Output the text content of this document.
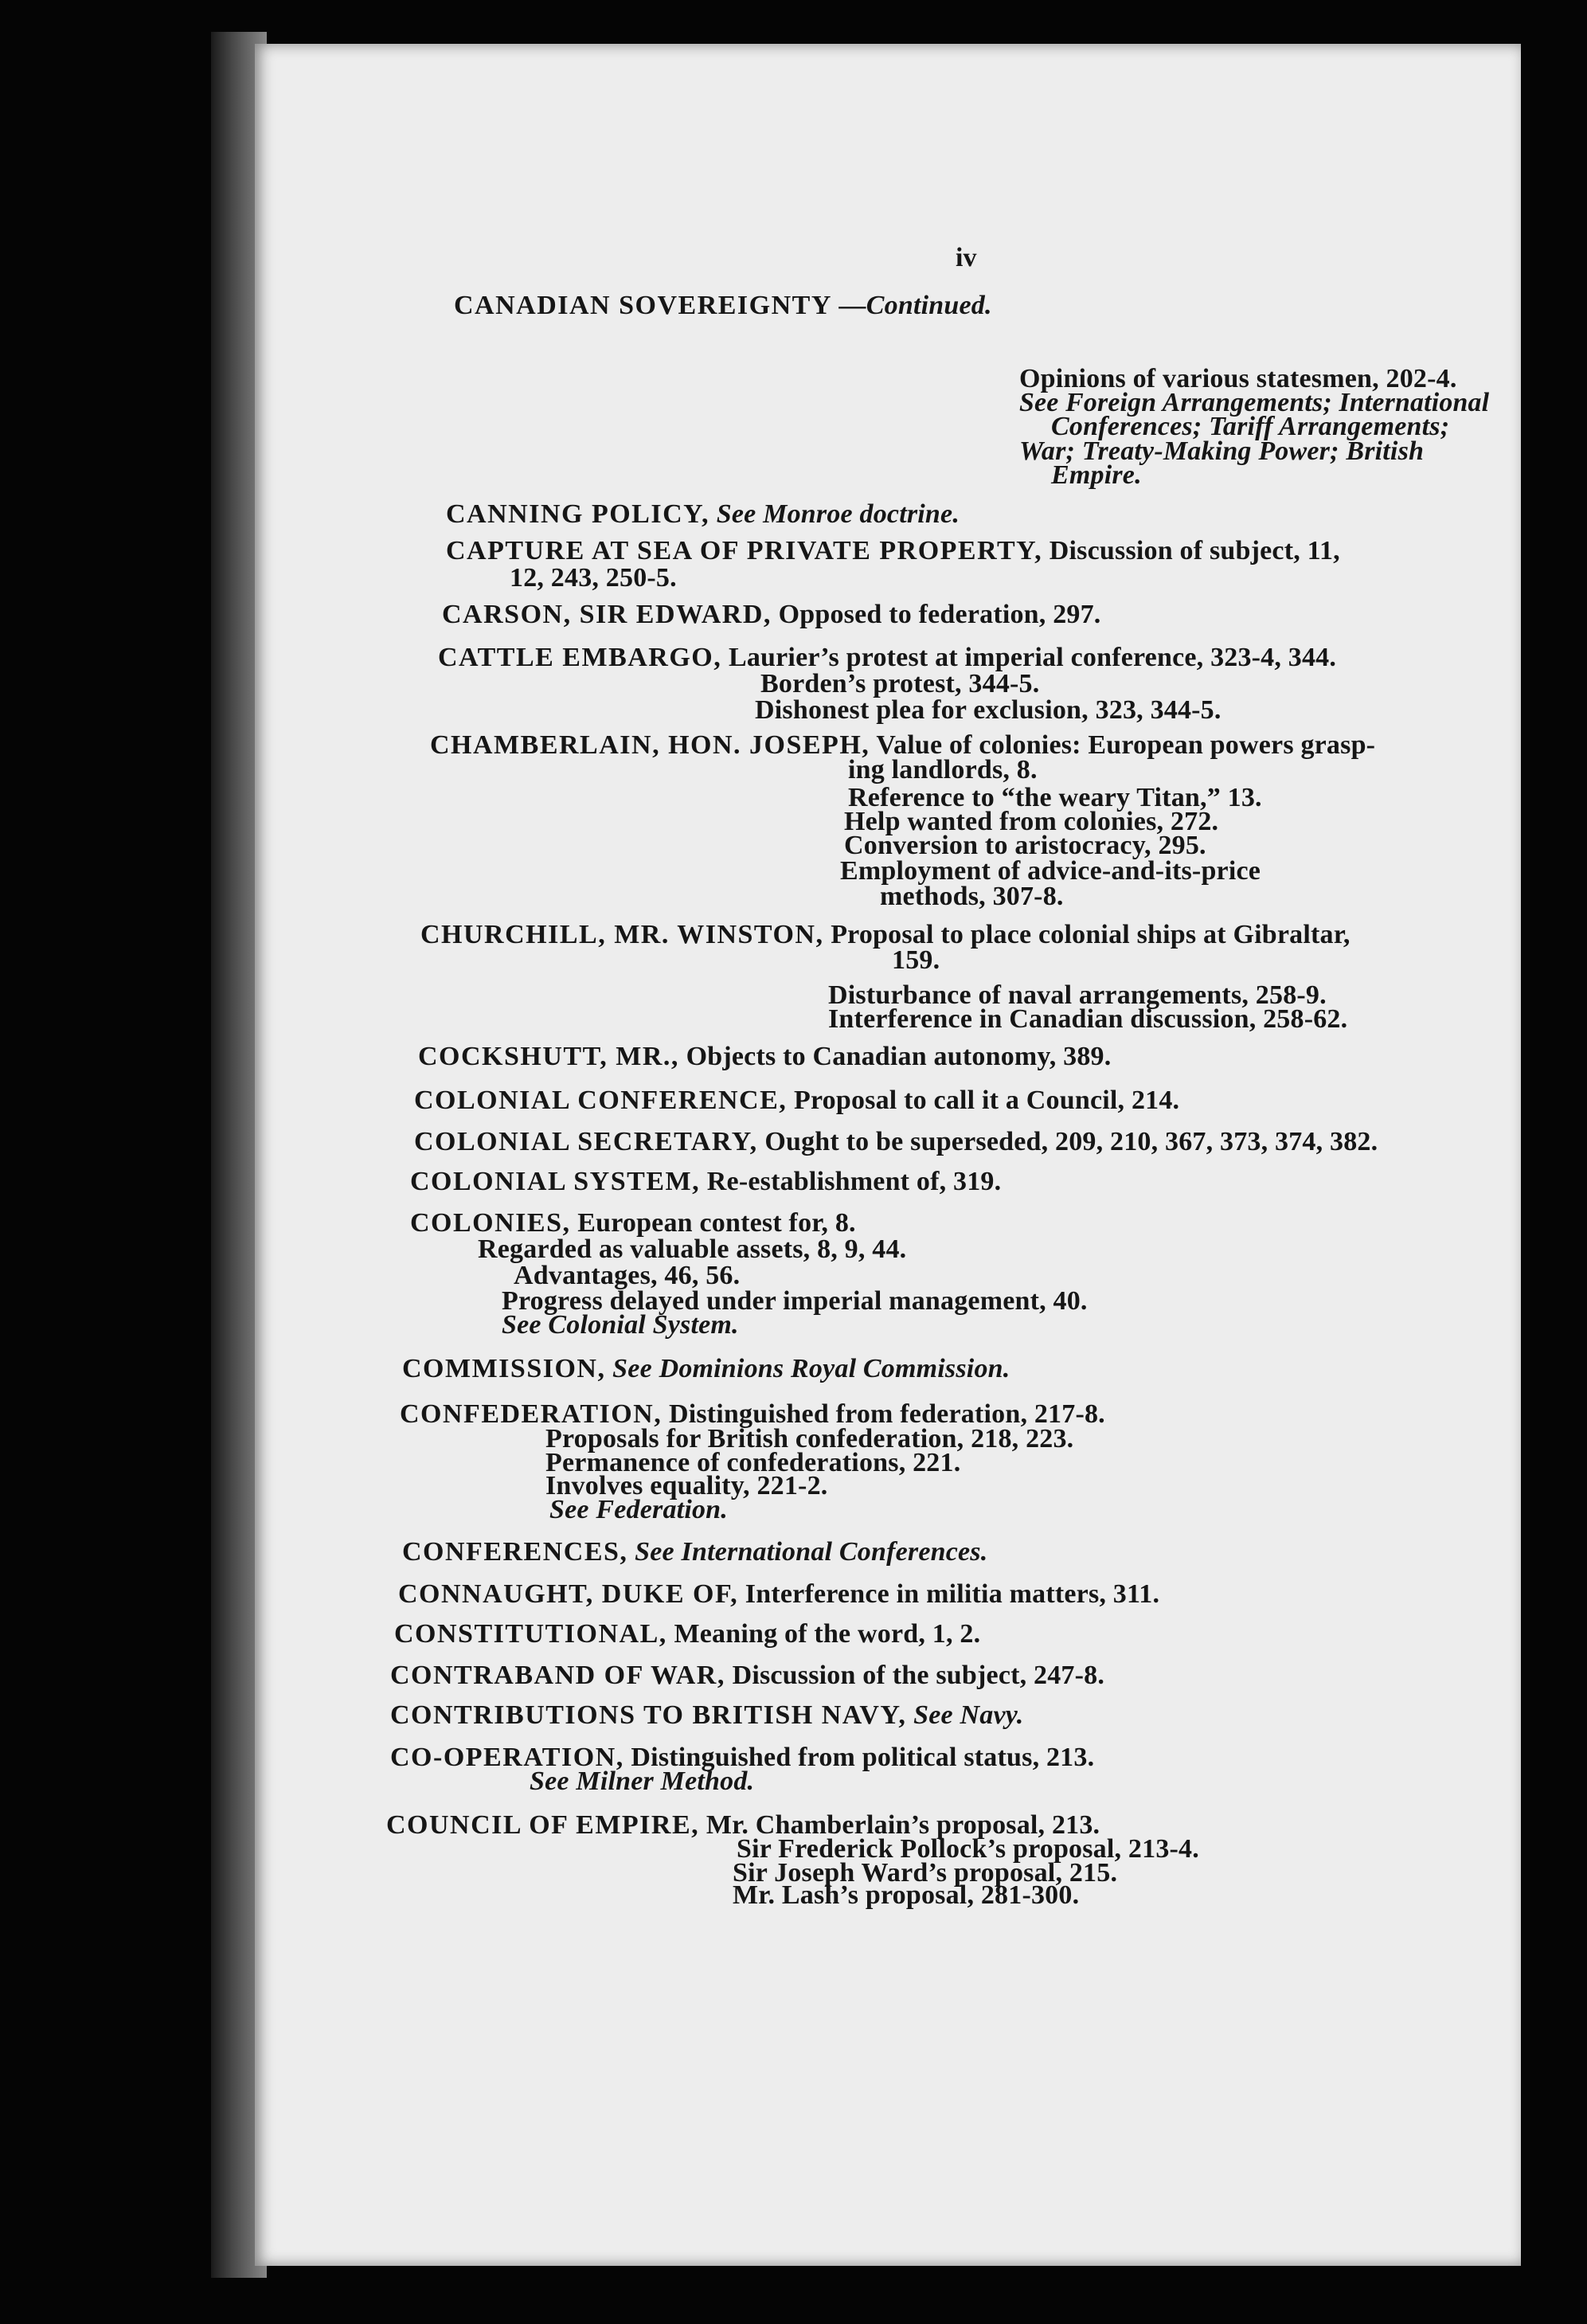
iv
CANADIAN SOVEREIGNTY —Continued.
Opinions of various statesmen, 202-4.
See Foreign Arrangements; International
Conferences; Tariff Arrangements;
War; Treaty-Making Power; British
Empire.
CANNING POLICY, See Monroe doctrine.
CAPTURE AT SEA OF PRIVATE PROPERTY, Discussion of subject, 11,
12, 243, 250-5.
CARSON, SIR EDWARD, Opposed to federation, 297.
CATTLE EMBARGO, Laurier’s protest at imperial conference, 323-4, 344.
Borden’s protest, 344-5.
Dishonest plea for exclusion, 323, 344-5.
CHAMBERLAIN, HON. JOSEPH, Value of colonies: European powers grasp-
ing landlords, 8.
Reference to “the weary Titan,” 13.
Help wanted from colonies, 272.
Conversion to aristocracy, 295.
Employment of advice-and-its-price
methods, 307-8.
CHURCHILL, MR. WINSTON, Proposal to place colonial ships at Gibraltar,
159.
Disturbance of naval arrangements, 258-9.
Interference in Canadian discussion, 258-62.
COCKSHUTT, MR., Objects to Canadian autonomy, 389.
COLONIAL CONFERENCE, Proposal to call it a Council, 214.
COLONIAL SECRETARY, Ought to be superseded, 209, 210, 367, 373, 374, 382.
COLONIAL SYSTEM, Re-establishment of, 319.
COLONIES, European contest for, 8.
Regarded as valuable assets, 8, 9, 44.
Advantages, 46, 56.
Progress delayed under imperial management, 40.
See Colonial System.
COMMISSION, See Dominions Royal Commission.
CONFEDERATION, Distinguished from federation, 217-8.
Proposals for British confederation, 218, 223.
Permanence of confederations, 221.
Involves equality, 221-2.
See Federation.
CONFERENCES, See International Conferences.
CONNAUGHT, DUKE OF, Interference in militia matters, 311.
CONSTITUTIONAL, Meaning of the word, 1, 2.
CONTRABAND OF WAR, Discussion of the subject, 247-8.
CONTRIBUTIONS TO BRITISH NAVY, See Navy.
CO-OPERATION, Distinguished from political status, 213.
See Milner Method.
COUNCIL OF EMPIRE, Mr. Chamberlain’s proposal, 213.
Sir Frederick Pollock’s proposal, 213-4.
Sir Joseph Ward’s proposal, 215.
Mr. Lash’s proposal, 281-300.
